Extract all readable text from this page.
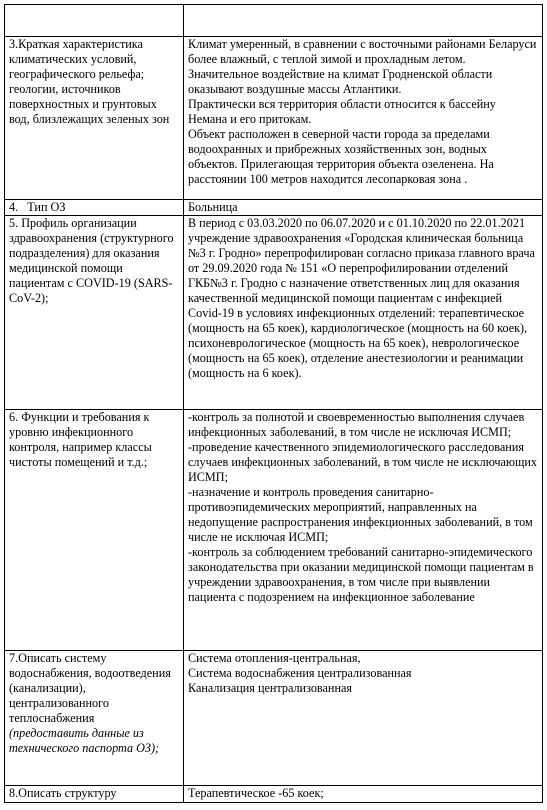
3.Краткая характеристика климатических условий, географического рельефа; геологии, источников поверхностных и грунтовых вод, близлежащих зеленых зон	Климат умеренный, в сравнении с восточными районами Беларуси более влажный, с теплой зимой и прохладным летом. Значительное воздействие на климат Гродненской области оказывают воздушные массы Атлантики.
Практически вся территория области относится к бассейну Немана и его притокам.
Объект расположен в северной части города за пределами водоохранных и прибрежных хозяйственных зон, водных объектов. Прилегающая территория объекта озеленена. На расстоянии 100 метров находится лесопарковая зона .

4.   Тип ОЗ	Больница
5. Профиль организации здравоохранения (структурного подразделения) для оказания медицинской помощи пациентам с COVID-19 (SARS-CoV-2);	В период с 03.03.2020 по 06.07.2020 и с 01.10.2020 по 22.01.2021 учреждение здравоохранения «Городская клиническая больница №3 г. Гродно» перепрофилирован согласно приказа главного врача от 29.09.2020 года № 151 «О перепрофилировании отделений ГКБ№3 г. Гродно с назначение ответственных лиц для оказания качественной медицинской помощи пациентам с инфекцией Covid-19 в условиях инфекционных отделений: терапевтическое (мощность на 65 коек), кардиологическое (мощность на 60 коек), психоневрологическое (мощность на 65 коек), неврологическое (мощность на 65 коек), отделение анестезиологии и реанимации (мощность на 6 коек).
6. Функции и требования к уровню инфекционного контроля, например классы чистоты помещений и т.д.;	-контроль за полнотой и своевременностью выполнения случаев инфекционных заболеваний, в том числе не исключая ИСМП;
-проведение качественного эпидемиологического расследования случаев инфекционных заболеваний, в том числе не исключающих ИСМП;
-назначение и контроль проведения санитарно-противоэпидемических мероприятий, направленных на недопущение распространения инфекционных заболеваний, в том числе не исключая ИСМП;
-контроль за соблюдением требований санитарно-эпидемического законодательства при оказании медицинской помощи пациентам в учреждении здравоохранения, в том числе при выявлении пациента с подозрением на инфекционное заболевание

7.Описать систему водоснабжения, водоотведения (канализации), централизованного теплоснабжения
(предоставить данные из технического паспорта ОЗ);	Система отопления-центральная,
Система водоснабжения централизованная
Канализация централизованная

8.Описать структуру	Терапевтическое -65 коек;
